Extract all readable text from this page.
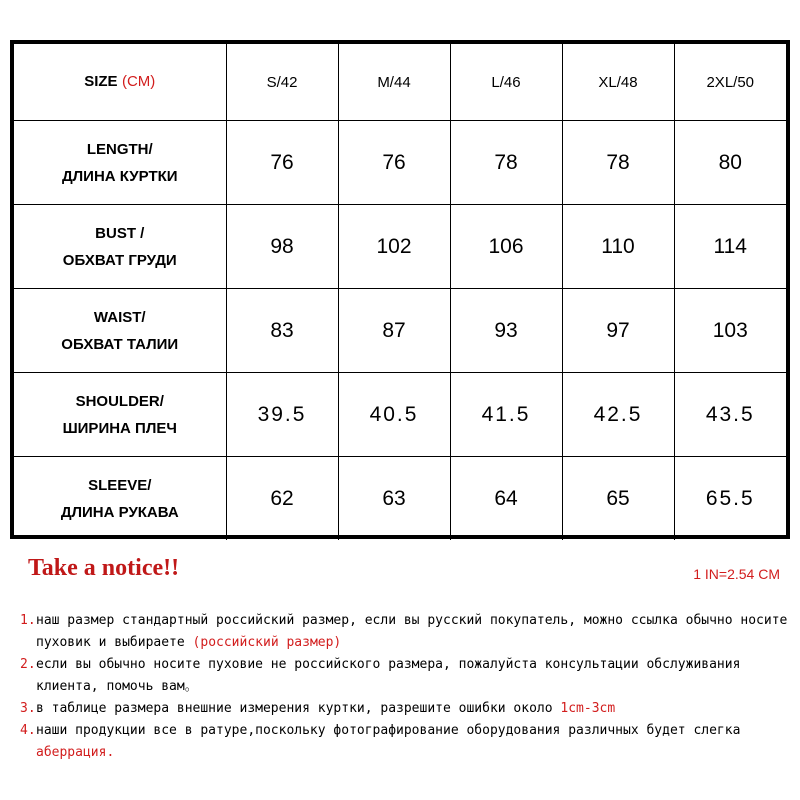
SIZE (CM)	S/42	M/44	L/46	XL/48	2XL/50

LENGTH/
ДЛИНА КУРТКИ	76	76	78	78	80

BUST /
ОБХВАТ ГРУДИ	98	102	106	110	114

WAIST/
ОБХВАТ ТАЛИИ	83	87	93	97	103

SHOULDER/
ШИРИНА ПЛЕЧ	39.5	40.5	41.5	42.5	43.5

SLEEVE/
ДЛИНА РУКАВА	62	63	64	65	65.5
Take a notice!!	1 IN=2.54 CM
1. наш размер стандартный российский размер, если вы русский покупатель, можно ссылка обычно носите пуховик и выбираете (российский размер)
2. если вы обычно носите пуховие не российского размера, пожалуйста консультации обслуживания клиента, помочь вам。
3. в таблице размера внешние измерения куртки, разрешите ошибки около 1cm-3cm
4. наши продукции все в ратуре,поскольку фотографирование оборудования различных будет слегка аберрация.
